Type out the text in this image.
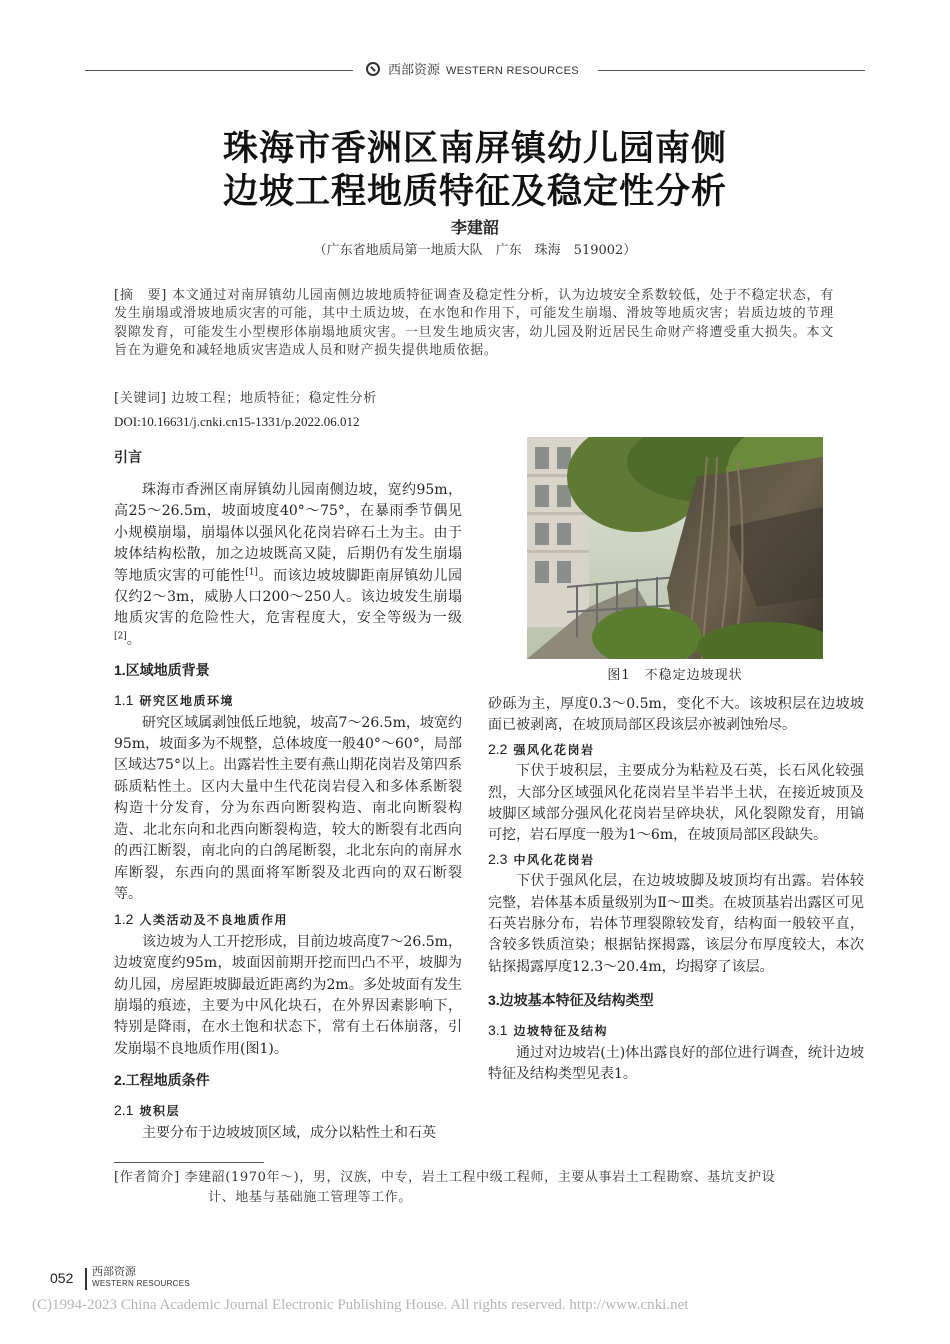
西部资源 WESTERN RESOURCES
珠海市香洲区南屏镇幼儿园南侧
边坡工程地质特征及稳定性分析
李建韶
（广东省地质局第一地质大队　广东　珠海　519002）
[摘　要] 本文通过对南屏镇幼儿园南侧边坡地质特征调查及稳定性分析，认为边坡安全系数较低，处于不稳定状态，有发生崩塌或滑坡地质灾害的可能，其中土质边坡，在水饱和作用下，可能发生崩塌、滑坡等地质灾害；岩质边坡的节理裂隙发育，可能发生小型楔形体崩塌地质灾害。一旦发生地质灾害，幼儿园及附近居民生命财产将遭受重大损失。本文旨在为避免和减轻地质灾害造成人员和财产损失提供地质依据。
[关键词] 边坡工程；地质特征；稳定性分析
DOI:10.16631/j.cnki.cn15-1331/p.2022.06.012

引言

珠海市香洲区南屏镇幼儿园南侧边坡，宽约95m，高25～26.5m，坡面坡度40°～75°，在暴雨季节偶见小规模崩塌，崩塌体以强风化花岗岩碎石土为主。由于坡体结构松散，加之边坡既高又陡，后期仍有发生崩塌等地质灾害的可能性[1]。而该边坡坡脚距南屏镇幼儿园仅约2～3m，威胁人口200～250人。该边坡发生崩塌地质灾害的危险性大，危害程度大，安全等级为一级[2]。

1.区域地质背景

1.1 研究区地质环境

研究区域属剥蚀低丘地貌，坡高7～26.5m，坡宽约95m，坡面多为不规整，总体坡度一般40°～60°，局部区域达75°以上。出露岩性主要有燕山期花岗岩及第四系砾质粘性土。区内大量中生代花岗岩侵入和多体系断裂构造十分发育，分为东西向断裂构造、南北向断裂构造、北北东向和北西向断裂构造，较大的断裂有北西向的西江断裂，南北向的白鸽尾断裂，北北东向的南屏水库断裂，东西向的黑面将军断裂及北西向的双石断裂等。

1.2 人类活动及不良地质作用

该边坡为人工开挖形成，目前边坡高度7～26.5m，边坡宽度约95m，坡面因前期开挖而凹凸不平，坡脚为幼儿园，房屋距坡脚最近距离约为2m。多处坡面有发生崩塌的痕迹，主要为中风化块石，在外界因素影响下，特别是降雨，在水土饱和状态下，常有土石体崩落，引发崩塌不良地质作用(图1)。

2.工程地质条件

2.1 坡积层

主要分布于边坡坡顶区域，成分以粘性土和石英

图1　不稳定边坡现状

砂砾为主，厚度0.3～0.5m，变化不大。该坡积层在边坡坡面已被剥离，在坡顶局部区段该层亦被剥蚀殆尽。

2.2 强风化花岗岩

下伏于坡积层，主要成分为粘粒及石英，长石风化较强烈，大部分区域强风化花岗岩呈半岩半土状，在接近坡顶及坡脚区域部分强风化花岗岩呈碎块状，风化裂隙发育，用镐可挖，岩石厚度一般为1～6m，在坡顶局部区段缺失。

2.3 中风化花岗岩

下伏于强风化层，在边坡坡脚及坡顶均有出露。岩体较完整，岩体基本质量级别为Ⅱ～Ⅲ类。在坡顶基岩出露区可见石英岩脉分布，岩体节理裂隙较发育，结构面一般较平直，含较多铁质渲染；根据钻探揭露，该层分布厚度较大，本次钻探揭露厚度12.3～20.4m，均揭穿了该层。

3.边坡基本特征及结构类型

3.1 边坡特征及结构

通过对边坡岩(土)体出露良好的部位进行调查，统计边坡特征及结构类型见表1。

[作者简介] 李建韶(1970年～)，男，汉族，中专，岩土工程中级工程师，主要从事岩土工程勘察、基坑支护设
计、地基与基础施工管理等工作。
052 西部资源
WESTERN RESOURCES
(C)1994-2023 China Academic Journal Electronic Publishing House. All rights reserved. http://www.cnki.net
